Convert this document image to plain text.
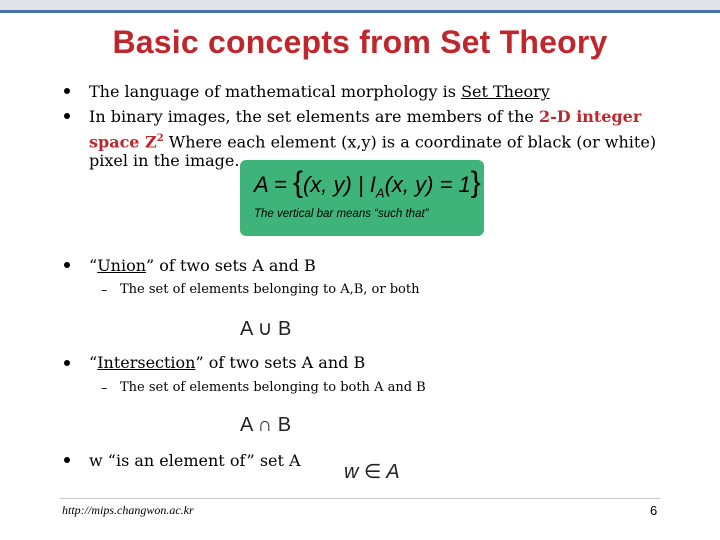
Basic concepts from Set Theory
The language of mathematical morphology is Set Theory
In binary images, the set elements are members of the 2-D integer
space $Z^2$ Where each element (x,y) is a coordinate of black (or white)
pixel in the image.
A = {(x, y) | $I_A(x$, y) = 1}
The vertical bar means “such that”
“Union” of two sets A and B
– The set of elements belonging to A,B, or both
A ∪ B
“Intersection” of two sets A and B
– The set of elements belonging to both A and B
A ∩ B
w “is an element of” set A
w ∈ A
http://mips.changwon.ac.kr	6
